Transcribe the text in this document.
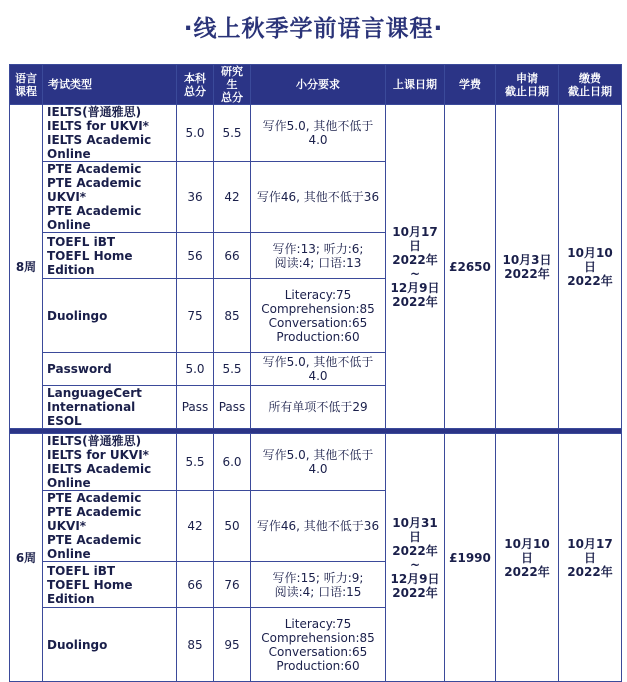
·线上秋季学前语言课程·
语言
课程	考试类型	本科
总分	研究生
总分	小分要求	上课日期	学费	申请
截止日期	缴费
截止日期

8周	IELTS(普通雅思)
IELTS for UKVI*
IELTS Academic Online	5.0	5.5	写作5.0, 其他不低于4.0	10月17日
2022年
~
12月9日
2022年	£2650	10月3日
2022年	10月10日
2022年

	PTE Academic
PTE Academic UKVI*
PTE Academic Online	36	42	写作46, 其他不低于36				

	TOEFL iBT
TOEFL Home Edition	56	66	写作:13; 听力:6;
阅读:4; 口语:13				

	Duolingo	75	85	Literacy:75
Comprehension:85
Conversation:65
Production:60				

	Password	5.0	5.5	写作5.0, 其他不低于4.0				

	LanguageCert
International ESOL	Pass	Pass	所有单项不低于29				

6周	IELTS(普通雅思)
IELTS for UKVI*
IELTS Academic Online	5.5	6.0	写作5.0, 其他不低于4.0	10月31日
2022年
~
12月9日
2022年	£1990	10月10日
2022年	10月17日
2022年

	PTE Academic
PTE Academic UKVI*
PTE Academic Online	42	50	写作46, 其他不低于36				

	TOEFL iBT
TOEFL Home Edition	66	76	写作:15; 听力:9;
阅读:4; 口语:15				

	Duolingo	85	95	Literacy:75
Comprehension:85
Conversation:65
Production:60				
